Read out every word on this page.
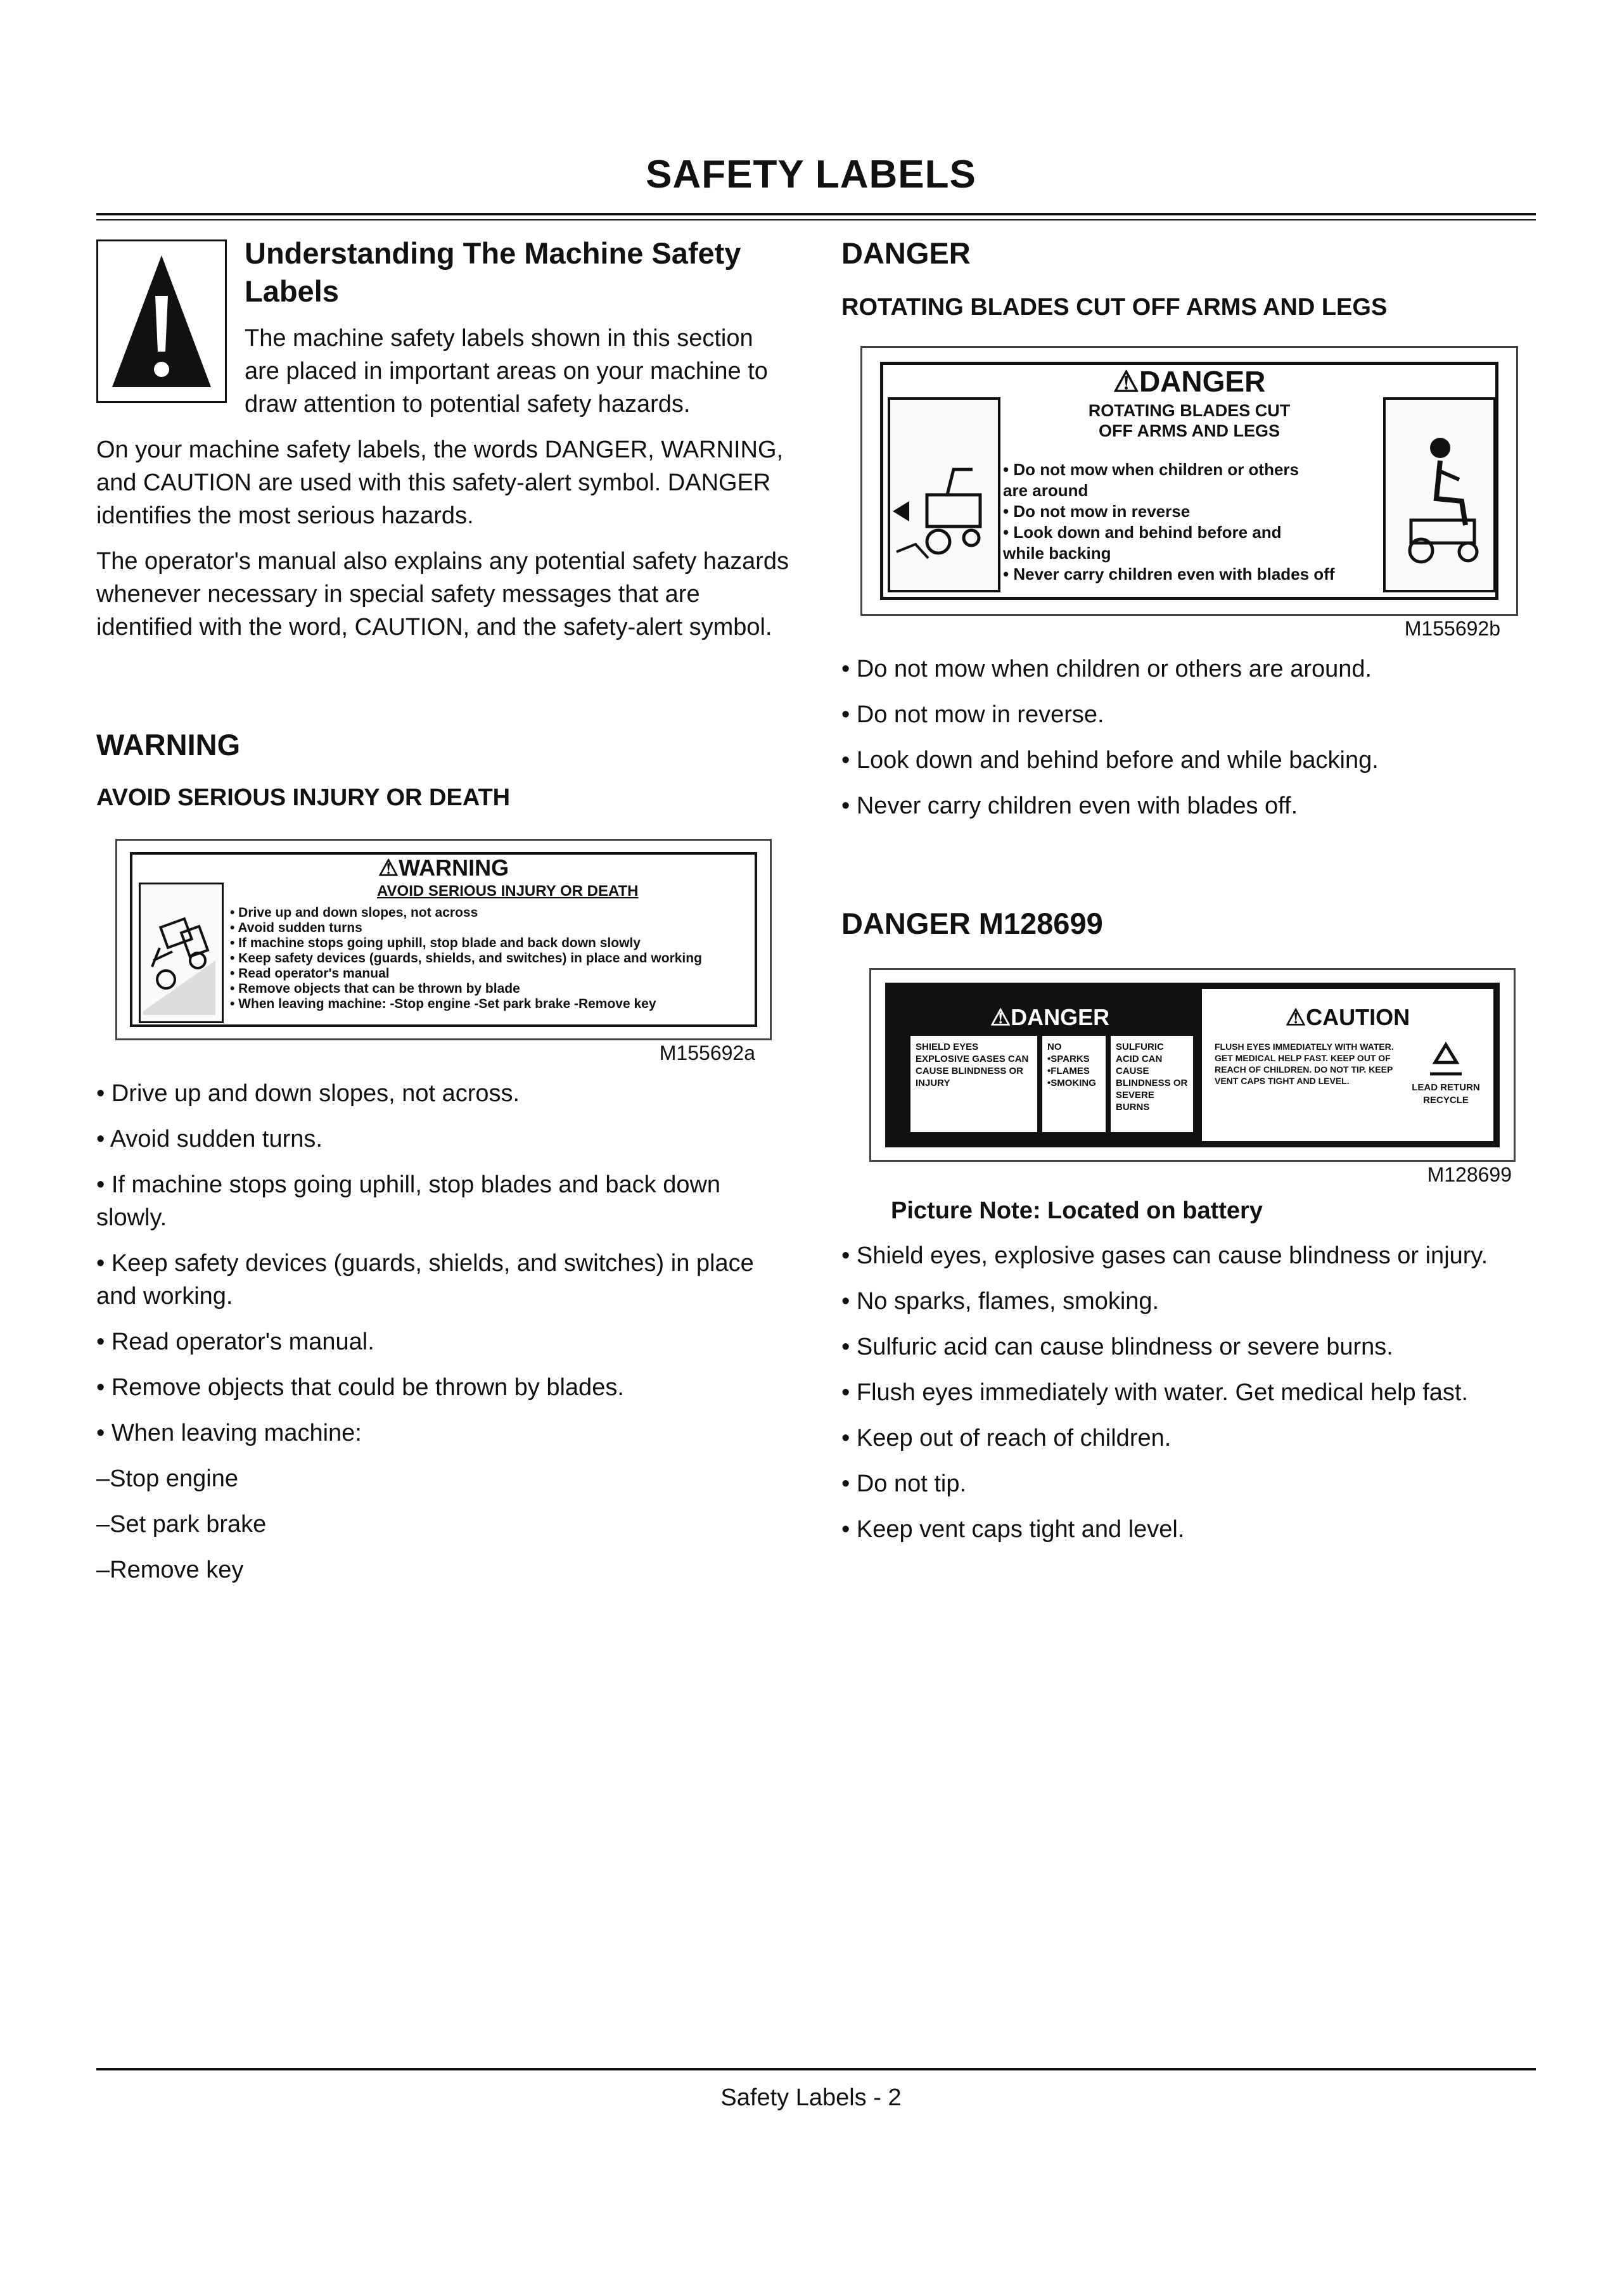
SAFETY LABELS
Understanding The Machine Safety Labels

The machine safety labels shown in this section are placed in important areas on your machine to draw attention to potential safety hazards.

On your machine safety labels, the words DANGER, WARNING, and CAUTION are used with this safety-alert symbol. DANGER identifies the most serious hazards.

The operator's manual also explains any potential safety hazards whenever necessary in special safety messages that are identified with the word, CAUTION, and the safety-alert symbol.

WARNING
AVOID SERIOUS INJURY OR DEATH
⚠WARNING
AVOID SERIOUS INJURY OR DEATH
• Drive up and down slopes, not across
• Avoid sudden turns
• If machine stops going uphill, stop blade and back down slowly
• Keep safety devices (guards, shields, and switches) in place and working
• Read operator's manual
• Remove objects that can be thrown by blade
• When leaving machine: -Stop engine -Set park brake -Remove key
M155692a

• Drive up and down slopes, not across.

• Avoid sudden turns.

• If machine stops going uphill, stop blades and back down slowly.

• Keep safety devices (guards, shields, and switches) in place and working.

• Read operator's manual.

• Remove objects that could be thrown by blades.

• When leaving machine:

–Stop engine

–Set park brake

–Remove key

DANGER
ROTATING BLADES CUT OFF ARMS AND LEGS
⚠DANGER
ROTATING BLADES CUT
OFF ARMS AND LEGS
• Do not mow when children or others
are around
• Do not mow in reverse
• Look down and behind before and
while backing
• Never carry children even with blades off
M155692b

• Do not mow when children or others are around.

• Do not mow in reverse.

• Look down and behind before and while backing.

• Never carry children even with blades off.

DANGER M128699
⚠DANGER	⚠CAUTION
SHIELD EYES EXPLOSIVE GASES CAN CAUSE BLINDNESS OR INJURY
NO •SPARKS •FLAMES •SMOKING
SULFURIC ACID CAN CAUSE BLINDNESS OR SEVERE BURNS
FLUSH EYES IMMEDIATELY WITH WATER. GET MEDICAL HELP FAST. KEEP OUT OF REACH OF CHILDREN. DO NOT TIP. KEEP VENT CAPS TIGHT AND LEVEL.
LEAD RETURN RECYCLE
M128699
Picture Note: Located on battery

• Shield eyes, explosive gases can cause blindness or injury.

• No sparks, flames, smoking.

• Sulfuric acid can cause blindness or severe burns.

• Flush eyes immediately with water. Get medical help fast.

• Keep out of reach of children.

• Do not tip.

• Keep vent caps tight and level.

Safety Labels - 2
